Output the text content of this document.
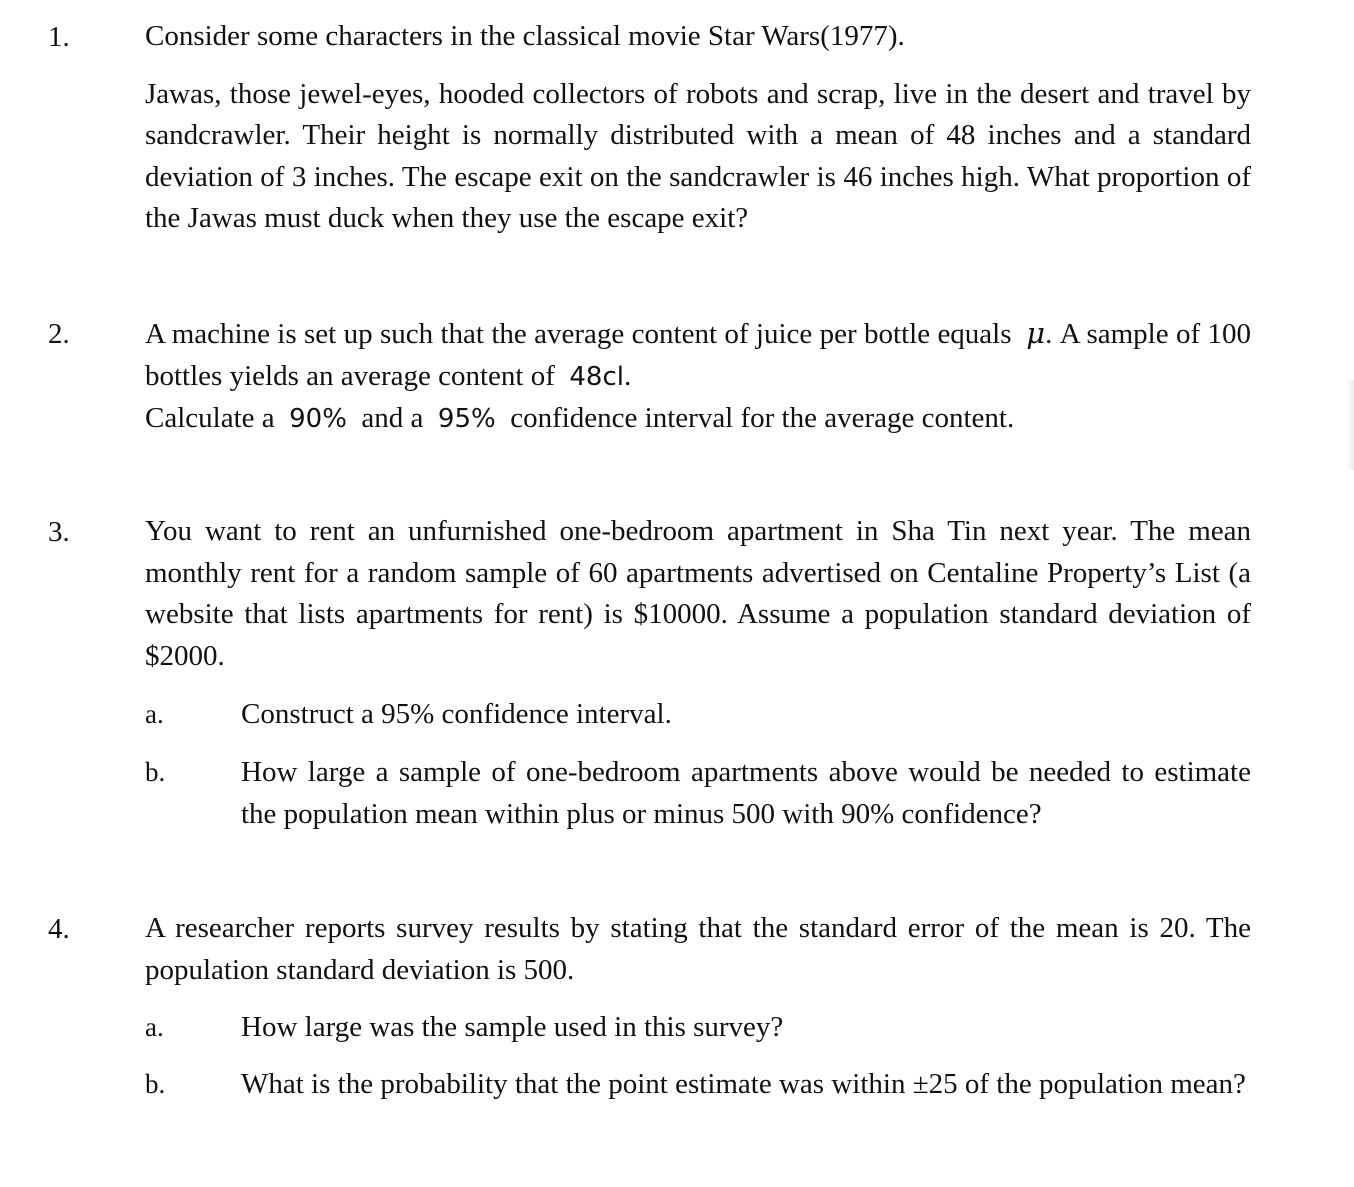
1.	Consider some characters in the classical movie Star Wars(1977).

Jawas, those jewel-eyes, hooded collectors of robots and scrap, live in the desert and travel by sandcrawler. Their height is normally distributed with a mean of 48 inches and a standard deviation of 3 inches. The escape exit on the sandcrawler is 46 inches high. What proportion of the Jawas must duck when they use the escape exit?

2.	A machine is set up such that the average content of juice per bottle equals μ. A sample of 100 bottles yields an average content of 48cl.

Calculate a 90% and a 95% confidence interval for the average content.

3.	You want to rent an unfurnished one-bedroom apartment in Sha Tin next year. The mean monthly rent for a random sample of 60 apartments advertised on Centaline Property’s List (a website that lists apartments for rent) is $10000. Assume a population standard deviation of $2000.

a.	Construct a 95% confidence interval.
b.	How large a sample of one-bedroom apartments above would be needed to estimate the population mean within plus or minus 500 with 90% confidence?
4.	A researcher reports survey results by stating that the standard error of the mean is 20. The population standard deviation is 500.

a.	How large was the sample used in this survey?
b.	What is the probability that the point estimate was within ±25 of the population mean?
